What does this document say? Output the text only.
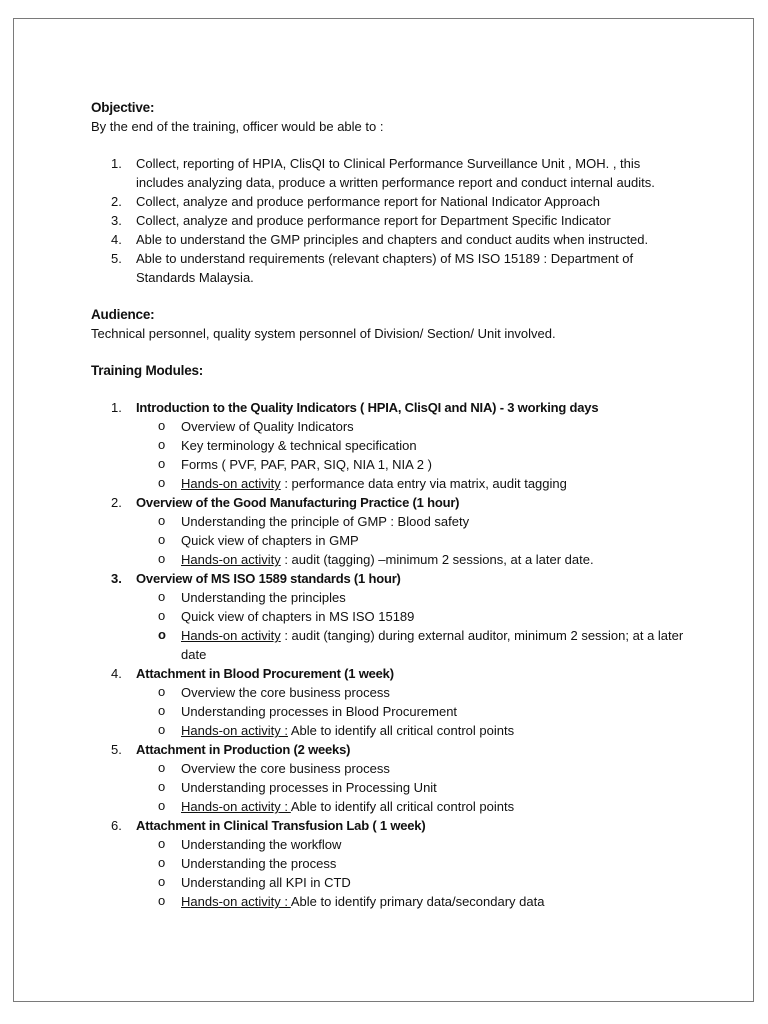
Objective:

By the end of the training, officer would be able to :

1.	Collect, reporting of HPIA, ClisQI to Clinical Performance Surveillance Unit , MOH. , this includes analyzing data, produce a written performance report and conduct internal audits.
2.	Collect, analyze and produce performance report for National Indicator Approach
3.	Collect, analyze and produce performance report for Department Specific Indicator
4.	Able to understand the GMP principles and chapters and conduct audits when instructed.
5.	Able to understand requirements (relevant chapters) of MS ISO 15189 : Department of Standards Malaysia.

Audience:

Technical personnel, quality system personnel of Division/ Section/ Unit involved.

Training Modules:

1.	Introduction to the Quality Indicators ( HPIA, ClisQI and NIA) - 3 working days
o Overview of Quality Indicators
o Key terminology & technical specification
o Forms ( PVF, PAF, PAR, SIQ, NIA 1, NIA 2 )
o Hands-on activity : performance data entry via matrix, audit tagging
2.	Overview of the Good Manufacturing Practice (1 hour)
o Understanding the principle of GMP : Blood safety
o Quick view of chapters in GMP
o Hands-on activity : audit (tagging) –minimum 2 sessions, at a later date.
3.	Overview of MS ISO 1589 standards (1 hour)
o Understanding the principles
o Quick view of chapters in MS ISO 15189
o Hands-on activity : audit (tanging) during external auditor, minimum 2 session; at a later date
4.	Attachment in Blood Procurement (1 week)
o Overview the core business process
o Understanding processes in Blood Procurement
o Hands-on activity : Able to identify all critical control points
5.	Attachment in Production (2 weeks)
o Overview the core business process
o Understanding processes in Processing Unit
o Hands-on activity : Able to identify all critical control points
6.	Attachment in Clinical Transfusion Lab ( 1 week)
o Understanding the workflow
o Understanding the process
o Understanding all KPI in CTD
o Hands-on activity : Able to identify primary data/secondary data
